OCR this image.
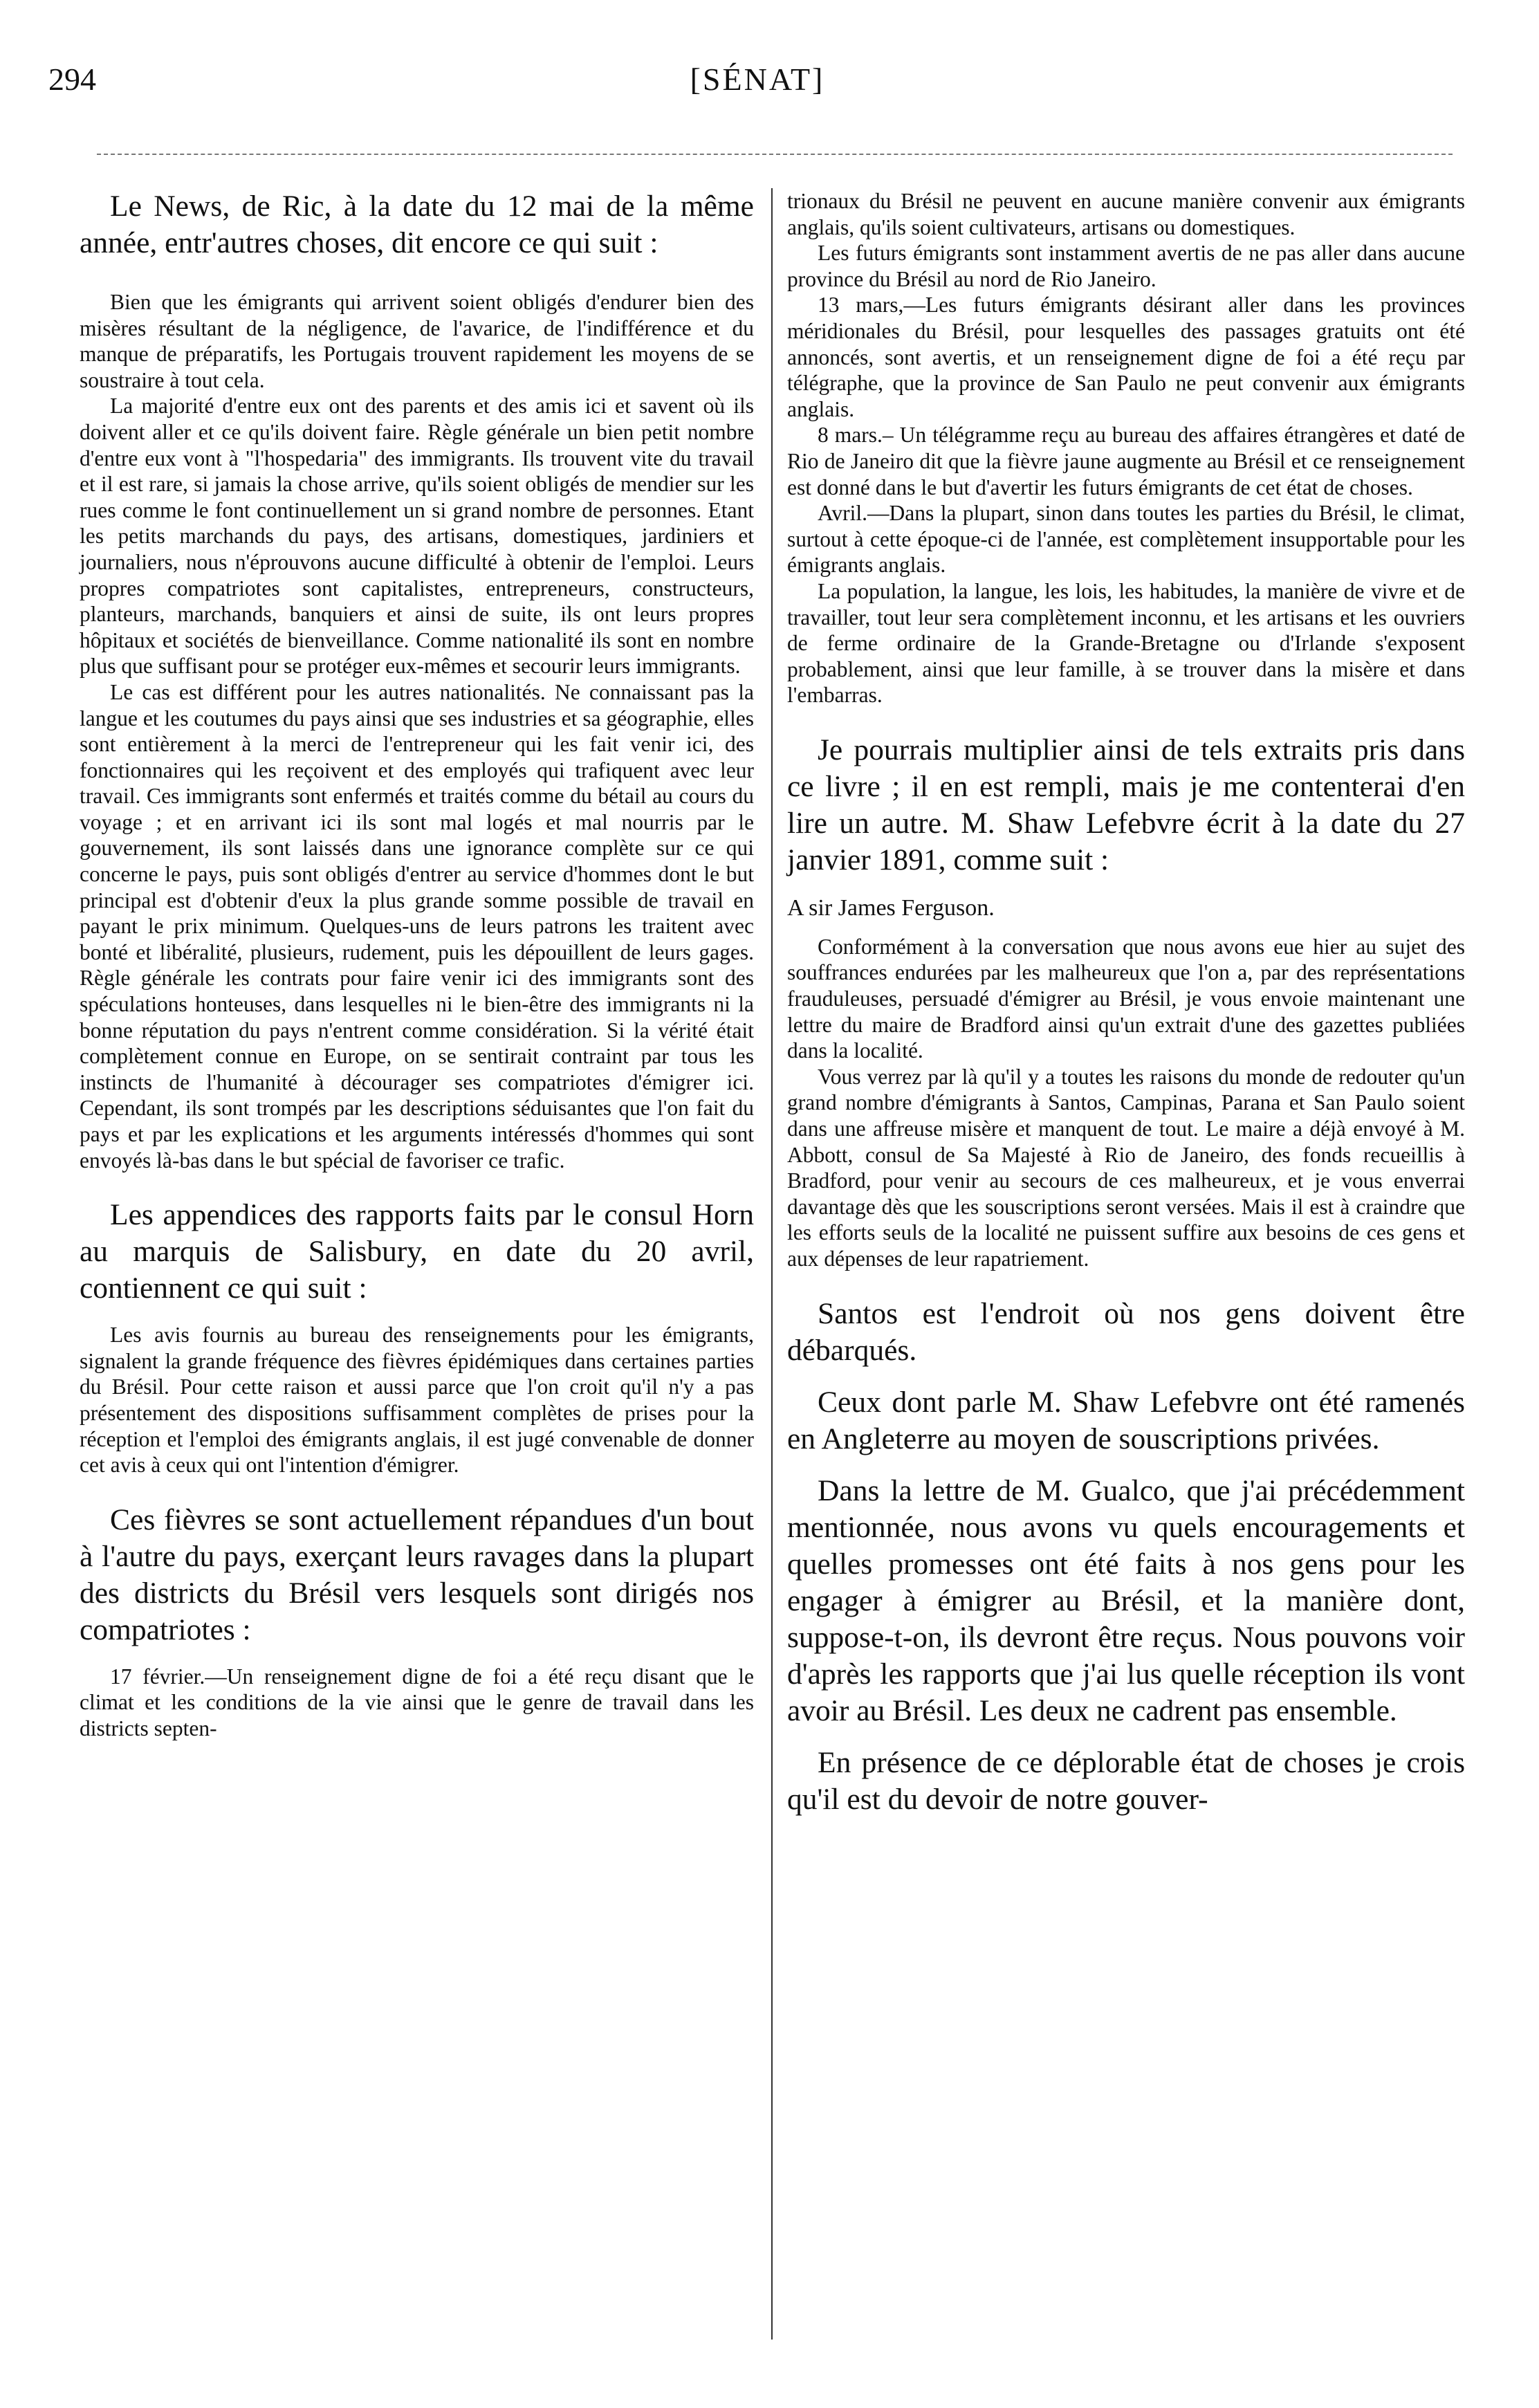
294	[SÉNAT]

Le News, de Ric, à la date du 12 mai de la même année, entr'autres choses, dit encore ce qui suit :

Bien que les émigrants qui arrivent soient obligés d'endurer bien des misères résultant de la négligence, de l'avarice, de l'indifférence et du manque de préparatifs, les Portugais trouvent rapidement les moyens de se soustraire à tout cela.

La majorité d'entre eux ont des parents et des amis ici et savent où ils doivent aller et ce qu'ils doivent faire. Règle générale un bien petit nombre d'entre eux vont à "l'hospedaria" des immigrants. Ils trouvent vite du travail et il est rare, si jamais la chose arrive, qu'ils soient obligés de mendier sur les rues comme le font continuellement un si grand nombre de personnes. Etant les petits marchands du pays, des artisans, domestiques, jardiniers et journaliers, nous n'éprouvons aucune difficulté à obtenir de l'emploi. Leurs propres compatriotes sont capitalistes, entrepreneurs, constructeurs, planteurs, marchands, banquiers et ainsi de suite, ils ont leurs propres hôpitaux et sociétés de bienveillance. Comme nationalité ils sont en nombre plus que suffisant pour se protéger eux-mêmes et secourir leurs immigrants.

Le cas est différent pour les autres nationalités. Ne connaissant pas la langue et les coutumes du pays ainsi que ses industries et sa géographie, elles sont entièrement à la merci de l'entrepreneur qui les fait venir ici, des fonctionnaires qui les reçoivent et des employés qui trafiquent avec leur travail. Ces immigrants sont enfermés et traités comme du bétail au cours du voyage ; et en arrivant ici ils sont mal logés et mal nourris par le gouvernement, ils sont laissés dans une ignorance complète sur ce qui concerne le pays, puis sont obligés d'entrer au service d'hommes dont le but principal est d'obtenir d'eux la plus grande somme possible de travail en payant le prix minimum. Quelques-uns de leurs patrons les traitent avec bonté et libéralité, plusieurs, rudement, puis les dépouillent de leurs gages. Règle générale les contrats pour faire venir ici des immigrants sont des spéculations honteuses, dans lesquelles ni le bien-être des immigrants ni la bonne réputation du pays n'entrent comme considération. Si la vérité était complètement connue en Europe, on se sentirait contraint par tous les instincts de l'humanité à décourager ses compatriotes d'émigrer ici. Cependant, ils sont trompés par les descriptions séduisantes que l'on fait du pays et par les explications et les arguments intéressés d'hommes qui sont envoyés là-bas dans le but spécial de favoriser ce trafic.

Les appendices des rapports faits par le consul Horn au marquis de Salisbury, en date du 20 avril, contiennent ce qui suit :

Les avis fournis au bureau des renseignements pour les émigrants, signalent la grande fréquence des fièvres épidémiques dans certaines parties du Brésil. Pour cette raison et aussi parce que l'on croit qu'il n'y a pas présentement des dispositions suffisamment complètes de prises pour la réception et l'emploi des émigrants anglais, il est jugé convenable de donner cet avis à ceux qui ont l'intention d'émigrer.

Ces fièvres se sont actuellement répandues d'un bout à l'autre du pays, exerçant leurs ravages dans la plupart des districts du Brésil vers lesquels sont dirigés nos compatriotes :

17 février.—Un renseignement digne de foi a été reçu disant que le climat et les conditions de la vie ainsi que le genre de travail dans les districts septen-

trionaux du Brésil ne peuvent en aucune manière convenir aux émigrants anglais, qu'ils soient cultivateurs, artisans ou domestiques.

Les futurs émigrants sont instamment avertis de ne pas aller dans aucune province du Brésil au nord de Rio Janeiro.

13 mars,—Les futurs émigrants désirant aller dans les provinces méridionales du Brésil, pour lesquelles des passages gratuits ont été annoncés, sont avertis, et un renseignement digne de foi a été reçu par télégraphe, que la province de San Paulo ne peut convenir aux émigrants anglais.

8 mars.– Un télégramme reçu au bureau des affaires étrangères et daté de Rio de Janeiro dit que la fièvre jaune augmente au Brésil et ce renseignement est donné dans le but d'avertir les futurs émigrants de cet état de choses.

Avril.—Dans la plupart, sinon dans toutes les parties du Brésil, le climat, surtout à cette époque-ci de l'année, est complètement insupportable pour les émigrants anglais.

La population, la langue, les lois, les habitudes, la manière de vivre et de travailler, tout leur sera complètement inconnu, et les artisans et les ouvriers de ferme ordinaire de la Grande-Bretagne ou d'Irlande s'exposent probablement, ainsi que leur famille, à se trouver dans la misère et dans l'embarras.

Je pourrais multiplier ainsi de tels extraits pris dans ce livre ; il en est rempli, mais je me contenterai d'en lire un autre. M. Shaw Lefebvre écrit à la date du 27 janvier 1891, comme suit :

A sir James Ferguson.

Conformément à la conversation que nous avons eue hier au sujet des souffrances endurées par les malheureux que l'on a, par des représentations frauduleuses, persuadé d'émigrer au Brésil, je vous envoie maintenant une lettre du maire de Bradford ainsi qu'un extrait d'une des gazettes publiées dans la localité.

Vous verrez par là qu'il y a toutes les raisons du monde de redouter qu'un grand nombre d'émigrants à Santos, Campinas, Parana et San Paulo soient dans une affreuse misère et manquent de tout. Le maire a déjà envoyé à M. Abbott, consul de Sa Majesté à Rio de Janeiro, des fonds recueillis à Bradford, pour venir au secours de ces malheureux, et je vous enverrai davantage dès que les souscriptions seront versées. Mais il est à craindre que les efforts seuls de la localité ne puissent suffire aux besoins de ces gens et aux dépenses de leur rapatriement.

Santos est l'endroit où nos gens doivent être débarqués.

Ceux dont parle M. Shaw Lefebvre ont été ramenés en Angleterre au moyen de souscriptions privées.

Dans la lettre de M. Gualco, que j'ai précédemment mentionnée, nous avons vu quels encouragements et quelles promesses ont été faits à nos gens pour les engager à émigrer au Brésil, et la manière dont, suppose-t-on, ils devront être reçus. Nous pouvons voir d'après les rapports que j'ai lus quelle réception ils vont avoir au Brésil. Les deux ne cadrent pas ensemble.

En présence de ce déplorable état de choses je crois qu'il est du devoir de notre gouver-
